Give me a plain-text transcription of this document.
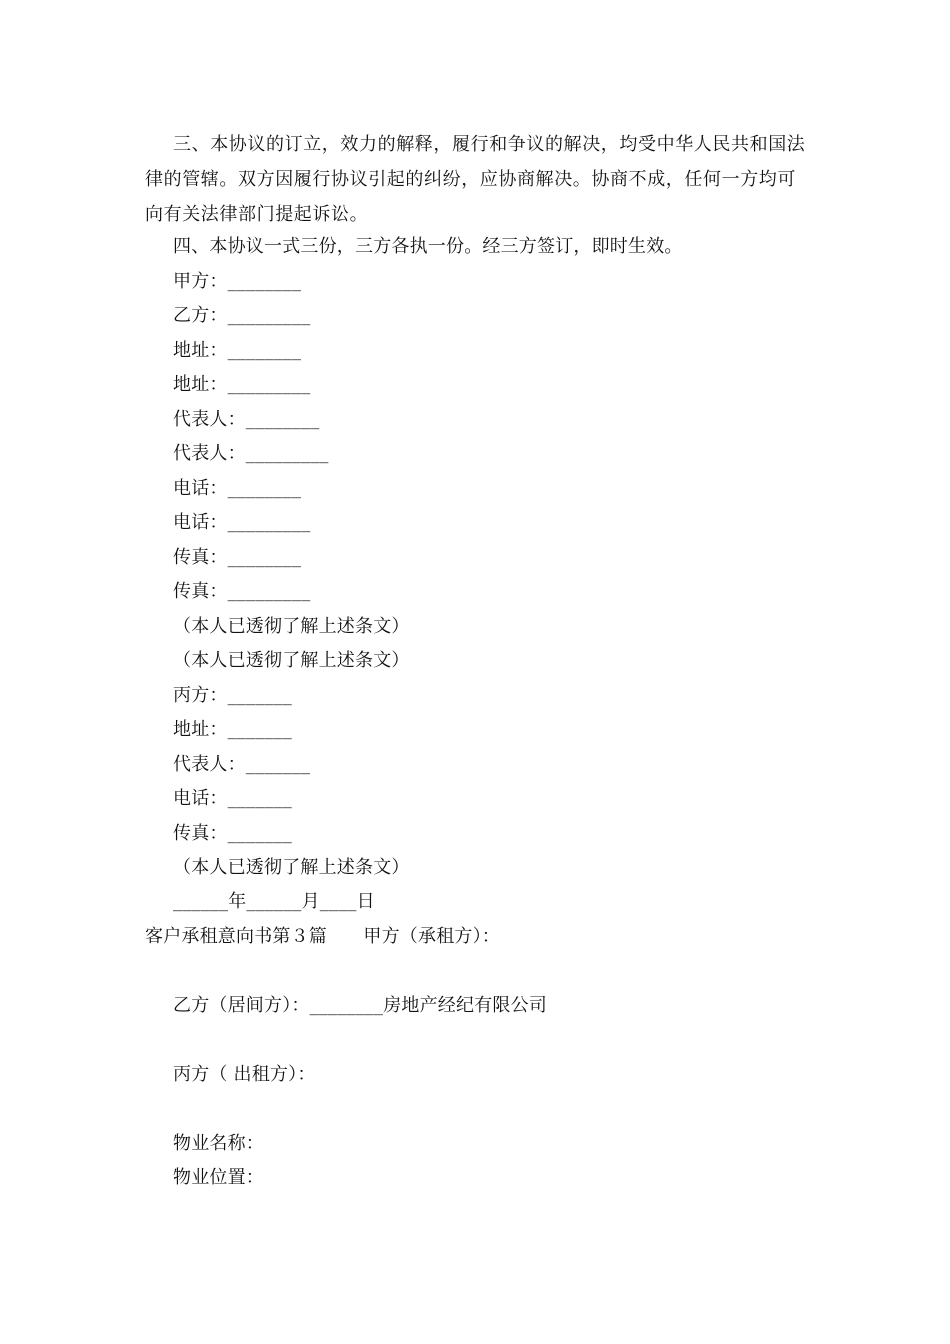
三、本协议的订立，效力的解释，履行和争议的解决，均受中华人民共和国法律的管辖。双方因履行协议引起的纠纷，应协商解决。协商不成，任何一方均可向有关法律部门提起诉讼。
四、本协议一式三份，三方各执一份。经三方签订，即时生效。
甲方：________
乙方：_________
地址：________
地址：_________
代表人：________
代表人：_________
电话：________
电话：_________
传真：________
传真：_________
（本人已透彻了解上述条文）
（本人已透彻了解上述条文）
丙方：_______
地址：_______
代表人：_______
电话：_______
传真：_______
（本人已透彻了解上述条文）
______年______月____日
客户承租意向书第３篇　　甲方（承租方）：
乙方（居间方）：________房地产经纪有限公司
丙方（ 出租方）：
物业名称：
物业位置：
